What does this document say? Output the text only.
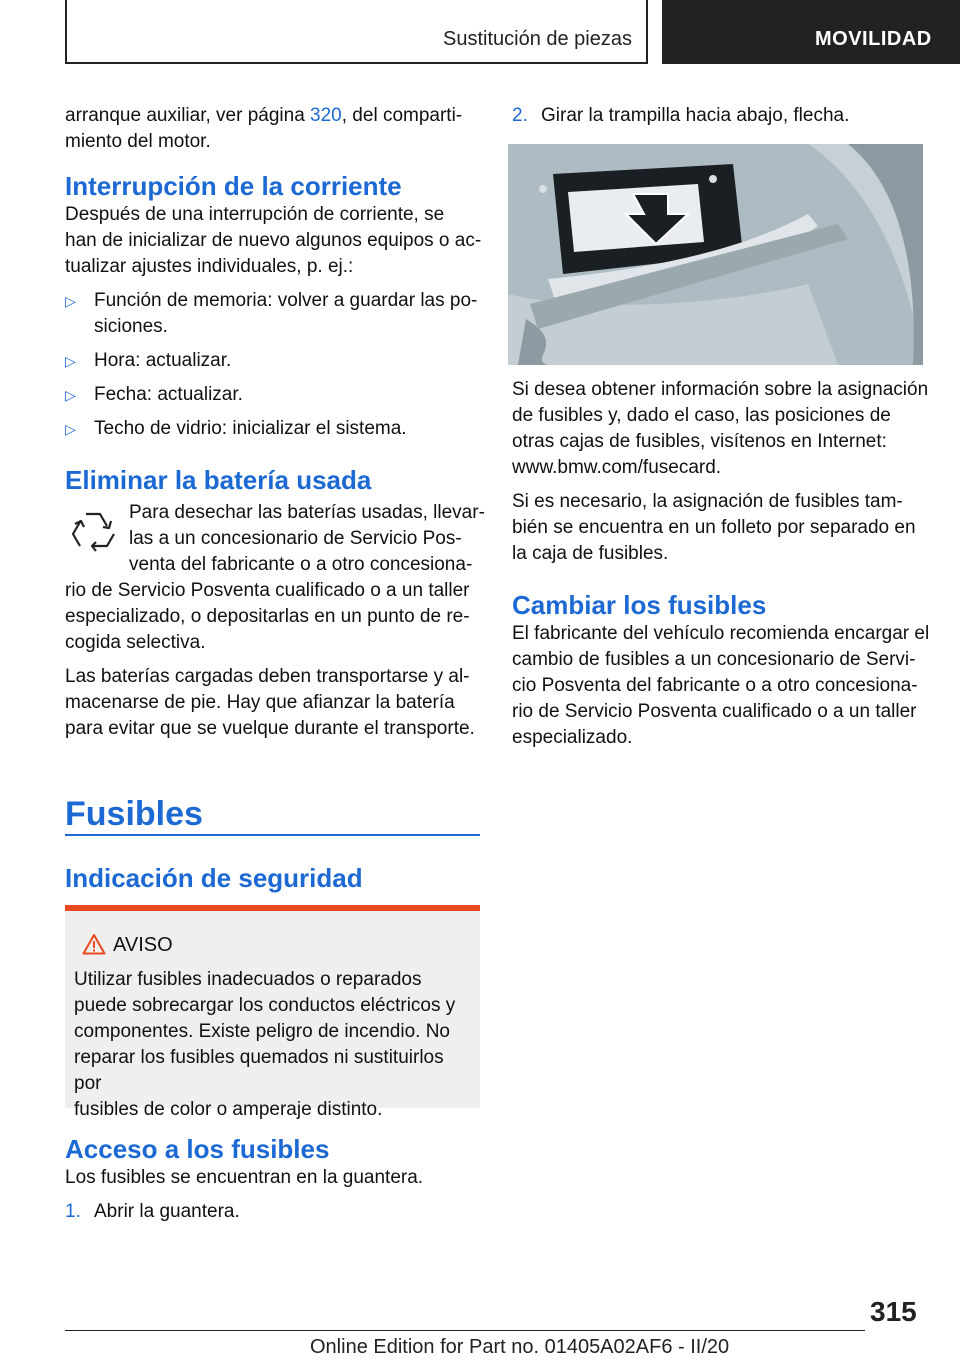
Sustitución de piezas	MOVILIDAD

arranque auxiliar, ver página 320, del comparti-
miento del motor.

Interrupción de la corriente

Después de una interrupción de corriente, se
han de inicializar de nuevo algunos equipos o ac-
tualizar ajustes individuales, p. ej.:

▷ Función de memoria: volver a guardar las po-
siciones.

▷ Hora: actualizar.

▷ Fecha: actualizar.

▷ Techo de vidrio: inicializar el sistema.

Eliminar la batería usada

Para desechar las baterías usadas, llevar-
las a un concesionario de Servicio Pos-
venta del fabricante o a otro concesiona-

rio de Servicio Posventa cualificado o a un taller
especializado, o depositarlas en un punto de re-
cogida selectiva.

Las baterías cargadas deben transportarse y al-
macenarse de pie. Hay que afianzar la batería
para evitar que se vuelque durante el transporte.

Fusibles
Indicación de seguridad
AVISO

Utilizar fusibles inadecuados o reparados
puede sobrecargar los conductos eléctricos y
componentes. Existe peligro de incendio. No
reparar los fusibles quemados ni sustituirlos por
fusibles de color o amperaje distinto.

Acceso a los fusibles

Los fusibles se encuentran en la guantera.

1. Abrir la guantera.

2. Girar la trampilla hacia abajo, flecha.

Si desea obtener información sobre la asignación
de fusibles y, dado el caso, las posiciones de
otras cajas de fusibles, visítenos en Internet:
www.bmw.com/fusecard.

Si es necesario, la asignación de fusibles tam-
bién se encuentra en un folleto por separado en
la caja de fusibles.

Cambiar los fusibles

El fabricante del vehículo recomienda encargar el
cambio de fusibles a un concesionario de Servi-
cio Posventa del fabricante o a otro concesiona-
rio de Servicio Posventa cualificado o a un taller
especializado.

315
Online Edition for Part no. 01405A02AF6 - II/20
